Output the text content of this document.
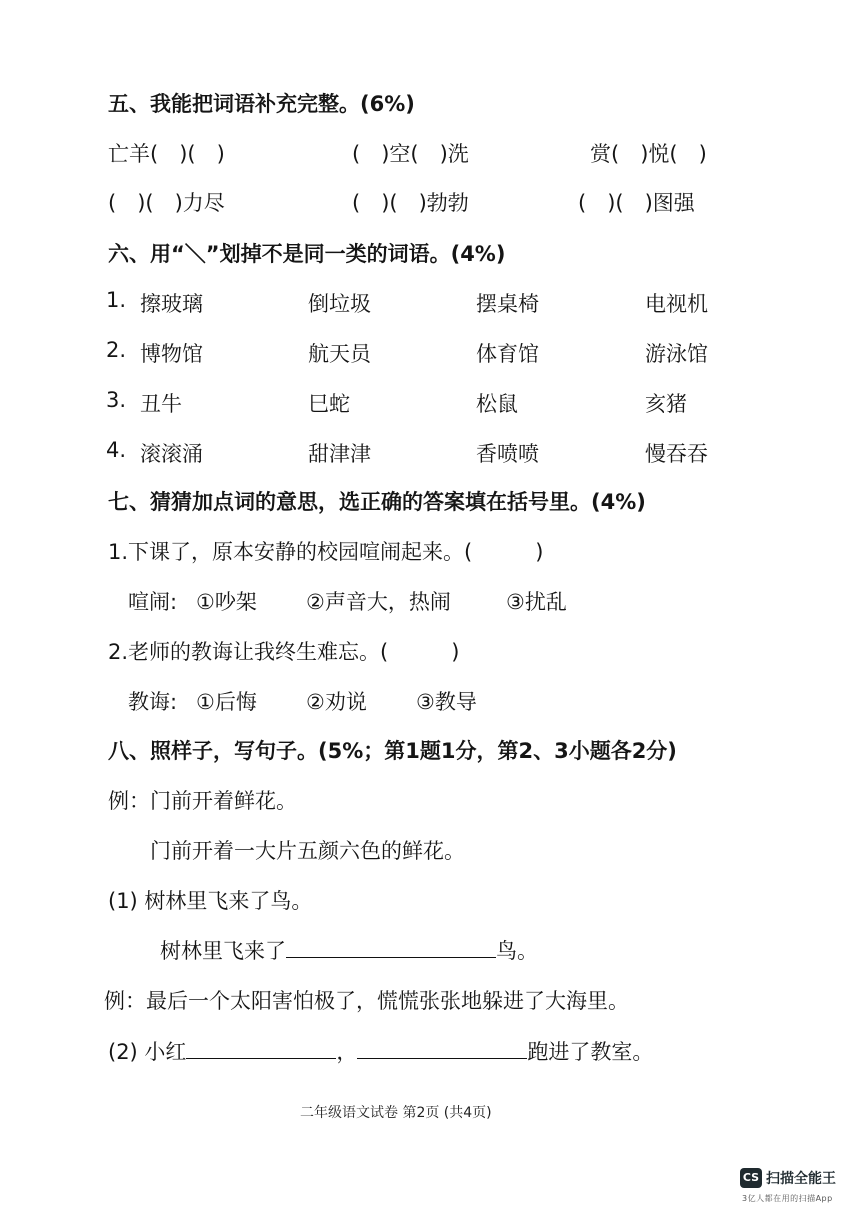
五、我能把词语补充完整。(6%)
亡羊(　)(　)	(　)空(　)洗	赏(　)悦(　)
(　)(　)力尽	(　)(　)勃勃	(　)(　)图强
六、用“＼”划掉不是同一类的词语。(4%)
1. 擦玻璃	倒垃圾	摆桌椅	电视机
2. 博物馆	航天员	体育馆	游泳馆
3. 丑牛	巳蛇	松鼠	亥猪
4. 滚滚涌	甜津津	香喷喷	慢吞吞
七、猜猜加点词的意思，选正确的答案填在括号里。(4%)
1.下课了，原本安静的校园喧闹起来。(　　　)
喧闹: ①吵架 ②声音大，热闹	③扰乱
2.老师的教诲让我终生难忘。(　　　)
教诲: ①后悔 ②劝说 ③教导
八、照样子，写句子。(5%；第1题1分，第2、3小题各2分)
例：门前开着鲜花。
门前开着一大片五颜六色的鲜花。
(1) 树林里飞来了鸟。
树林里飞来了	鸟。
例：最后一个太阳害怕极了，慌慌张张地躲进了大海里。
(2) 小红	，	跑进了教室。
二年级语文试卷 第2页 (共4页)
CS 扫描全能王
3亿人都在用的扫描App
